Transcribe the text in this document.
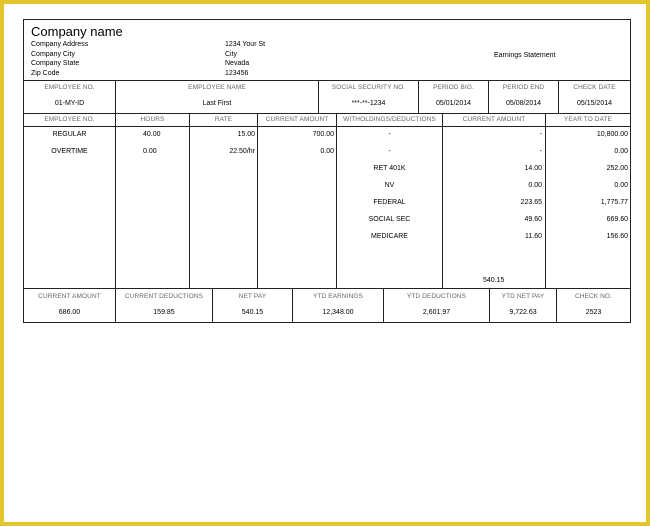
Company name
Company Address
Company City
Company State
Zip Code
1234 Your St
City
Nevada
123456
Earnings Statement
EMPLOYEE NO.
01-MY-ID
EMPLOYEE NAME
Last First
SOCIAL SECURITY NO.
***-**-1234
PERIOD BIG.
05/01/2014
PERIOD END
05/08/2014
CHECK DATE
05/15/2014
EMPLOYEE NO.
REGULAR
OVERTIME
HOURS
40.00
0.00
RATE
15.00
22.50/hr
CURRENT AMOUNT
700.00
0.00
WITHOLDINGS/DEDUCTIONS
-
-
RET 401K
NV
FEDERAL
SOCIAL SEC
MEDICARE
CURRENT AMOUNT
-
-
14.00
0.00
223.65
49.60
11.60
540.15
YEAR TO DATE
10,800.00
0.00
252.00
0.00
1,775.77
669.60
156.60
CURRENT AMOUNT
686.00
CURRENT DEDUCTIONS
159.85
NET PAY
540.15
YTD EARNINGS
12,348.00
YTD DEDUCTIONS
2,601.97
YTD NET PAY
9,722.63
CHECK NO.
2523
